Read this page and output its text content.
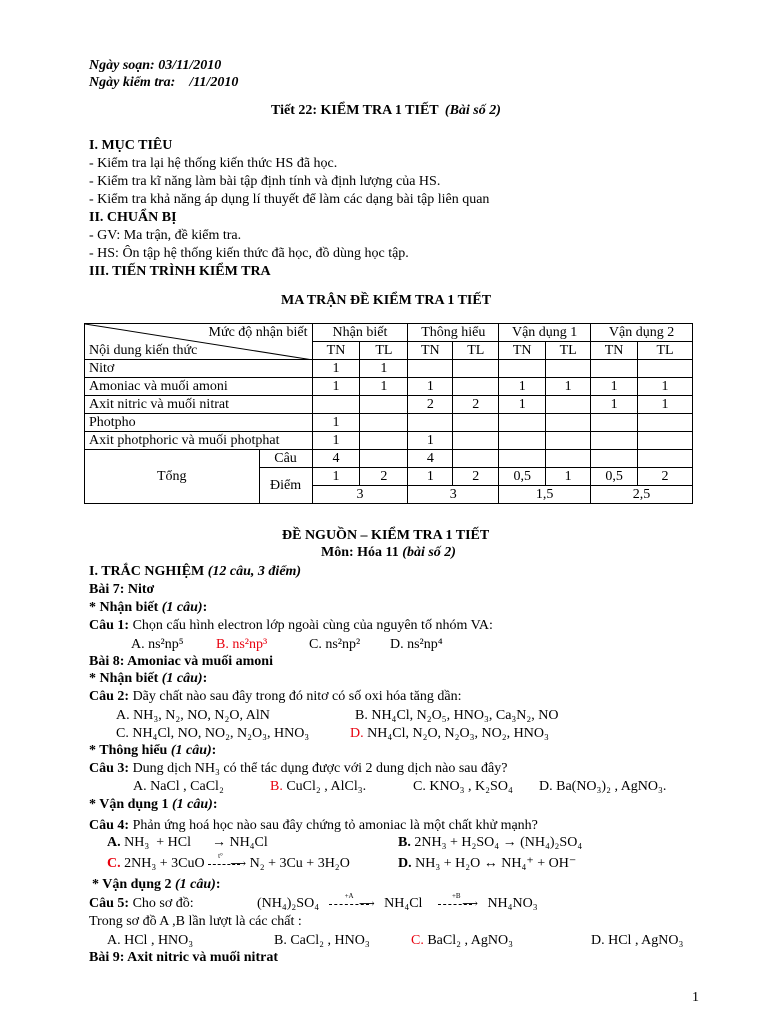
Ngày soạn: 03/11/2010
Ngày kiểm tra:    /11/2010
Tiết 22: KIỂM TRA 1 TIẾT (Bài số 2)
I. MỤC TIÊU
- Kiểm tra lại hệ thống kiến thức HS đã học.
- Kiểm tra kĩ năng làm bài tập định tính và định lượng của HS.
- Kiểm tra khả năng áp dụng lí thuyết để làm các dạng bài tập liên quan
II. CHUẨN BỊ
- GV: Ma trận, đề kiểm tra.
- HS: Ôn tập hệ thống kiến thức đã học, đồ dùng học tập.
III. TIẾN TRÌNH KIỂM TRA
MA TRẬN ĐỀ KIỂM TRA 1 TIẾT
Mức độ nhận biết
Nội dung kiến thức		Nhận biết		Thông hiểu		Vận dụng 1		Vận dụng 2	
		TN	TL	TN	TL	TN	TL	TN	TL
Nitơ		1	1						
Amoniac và muối amoni		1	1	1		1	1	1	1
Axit nitric và muối nitrat				2	2	1		1	1
Photpho		1							
Axit photphoric và muối photphat		1		1					
Tổng	Câu	4		4					
	Điểm	1	2	1	2	0,5	1	0,5	2
		3		3		1,5		2,5	
ĐỀ NGUỒN – KIỂM TRA 1 TIẾT
Môn: Hóa 11 (bài số 2)
I. TRẮC NGHIỆM (12 câu, 3 điểm)
Bài 7: Nitơ
* Nhận biết (1 câu):
Câu 1: Chọn cấu hình electron lớp ngoài cùng của nguyên tố nhóm VA:
A. ns²np⁵ B. ns²np³	C. ns²np² D. ns²np⁴
Bài 8: Amoniac và muối amoni
* Nhận biết (1 câu):
Câu 2: Dãy chất nào sau đây trong đó nitơ có số oxi hóa tăng dần:
A. NH₃, N₂, NO, N₂O, AlN	B. NH₄Cl, N₂O₅, HNO₃, Ca₃N₂, NO
C. NH₄Cl, NO, NO₂, N₂O₃, HNO₃	D. NH₄Cl, N₂O, N₂O₃, NO₂, HNO₃
* Thông hiểu (1 câu):
Câu 3: Dung dịch NH₃ có thể tác dụng được với 2 dung dịch nào sau đây?
A. NaCl , CaCl₂	B. CuCl₂ , AlCl₃.	C. KNO₃ , K₂SO₄ D. Ba(NO₃)₂ , AgNO₃.
* Vận dụng 1 (1 câu):
Câu 4: Phản ứng hoá học nào sau đây chứng tỏ amoniac là một chất khử mạnh?
A. NH₃  + HCl      → NH₄Cl	B. 2NH₃ + H₂SO₄ → (NH₄)₂SO₄
C. 2NH₃ + 3CuO ⟶
t°
N₂ + 3Cu + 3H₂O	D. NH₃ + H₂O ↔ NH₄⁺ + OH⁻
* Vận dụng 2 (1 câu):
Câu 5: Cho sơ đồ:	(NH₄)₂SO₄	⟶
+A
NH₄Cl	⟶
+B
NH₄NO₃
Trong sơ đồ A ,B lần lượt là các chất :
A. HCl , HNO₃	B. CaCl₂ , HNO₃	C. BaCl₂ , AgNO₃	D. HCl , AgNO₃
Bài 9: Axit nitric và muối nitrat
1
